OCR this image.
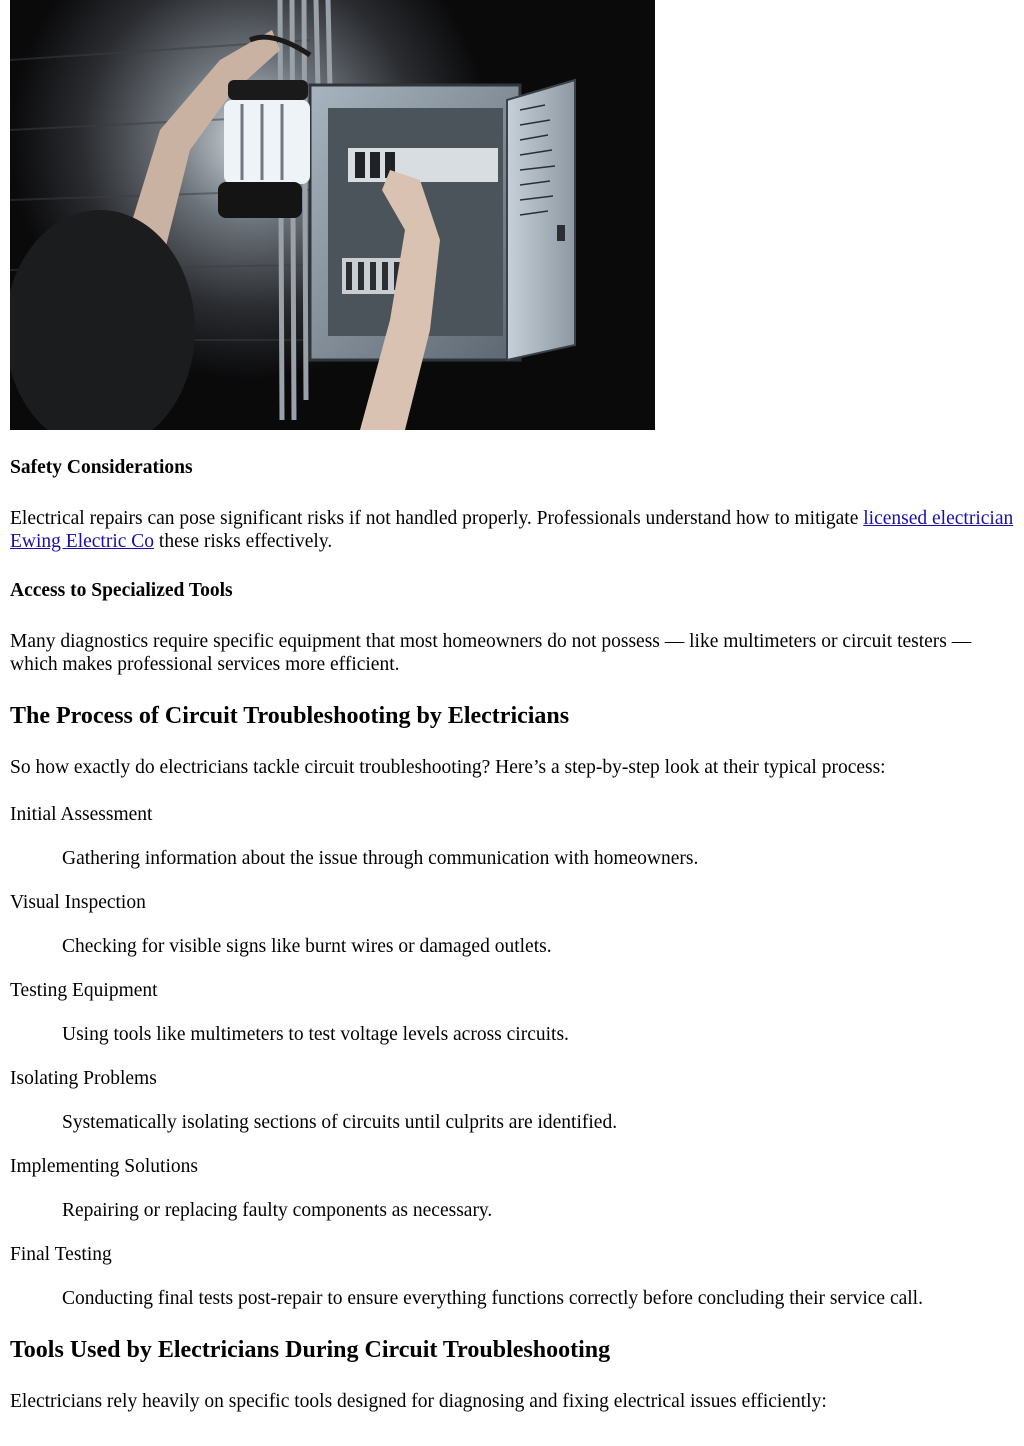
Safety Considerations

Electrical repairs can pose significant risks if not handled properly. Professionals understand how to mitigate licensed electrician Ewing Electric Co these risks effectively.

Access to Specialized Tools

Many diagnostics require specific equipment that most homeowners do not possess — like multimeters or circuit testers — which makes professional services more efficient.

The Process of Circuit Troubleshooting by Electricians

So how exactly do electricians tackle circuit troubleshooting? Here’s a step-by-step look at their typical process:

Initial Assessment
Gathering information about the issue through communication with homeowners.
Visual Inspection
Checking for visible signs like burnt wires or damaged outlets.
Testing Equipment
Using tools like multimeters to test voltage levels across circuits.
Isolating Problems
Systematically isolating sections of circuits until culprits are identified.
Implementing Solutions
Repairing or replacing faulty components as necessary.
Final Testing
Conducting final tests post-repair to ensure everything functions correctly before concluding their service call.
Tools Used by Electricians During Circuit Troubleshooting

Electricians rely heavily on specific tools designed for diagnosing and fixing electrical issues efficiently:
